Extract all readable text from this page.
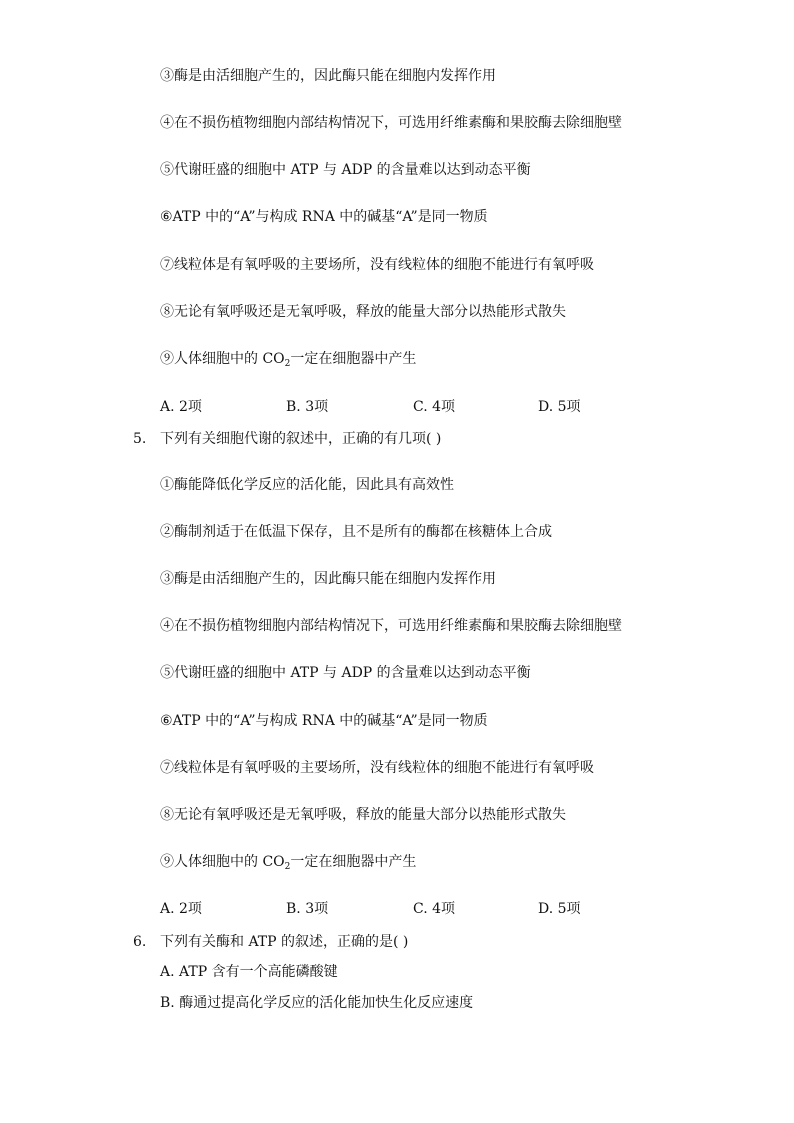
③酶是由活细胞产生的，因此酶只能在细胞内发挥作用
④在不损伤植物细胞内部结构情况下，可选用纤维素酶和果胶酶去除细胞壁
⑤代谢旺盛的细胞中 ATP 与 ADP 的含量难以达到动态平衡
⑥ATP 中的“A”与构成 RNA 中的碱基“A”是同一物质
⑦线粒体是有氧呼吸的主要场所，没有线粒体的细胞不能进行有氧呼吸
⑧无论有氧呼吸还是无氧呼吸，释放的能量大部分以热能形式散失
⑨人体细胞中的 $CO_2$一定在细胞器中产生
A. 2项	B. 3项	C. 4项	D. 5项
5. 下列有关细胞代谢的叙述中，正确的有几项( )
①酶能降低化学反应的活化能，因此具有高效性
②酶制剂适于在低温下保存，且不是所有的酶都在核糖体上合成
③酶是由活细胞产生的，因此酶只能在细胞内发挥作用
④在不损伤植物细胞内部结构情况下，可选用纤维素酶和果胶酶去除细胞壁
⑤代谢旺盛的细胞中 ATP 与 ADP 的含量难以达到动态平衡
⑥ATP 中的“A”与构成 RNA 中的碱基“A”是同一物质
⑦线粒体是有氧呼吸的主要场所，没有线粒体的细胞不能进行有氧呼吸
⑧无论有氧呼吸还是无氧呼吸，释放的能量大部分以热能形式散失
⑨人体细胞中的 $CO_2$一定在细胞器中产生
A. 2项	B. 3项	C. 4项	D. 5项
6. 下列有关酶和 ATP 的叙述，正确的是( )
A. ATP 含有一个高能磷酸键
B. 酶通过提高化学反应的活化能加快生化反应速度
